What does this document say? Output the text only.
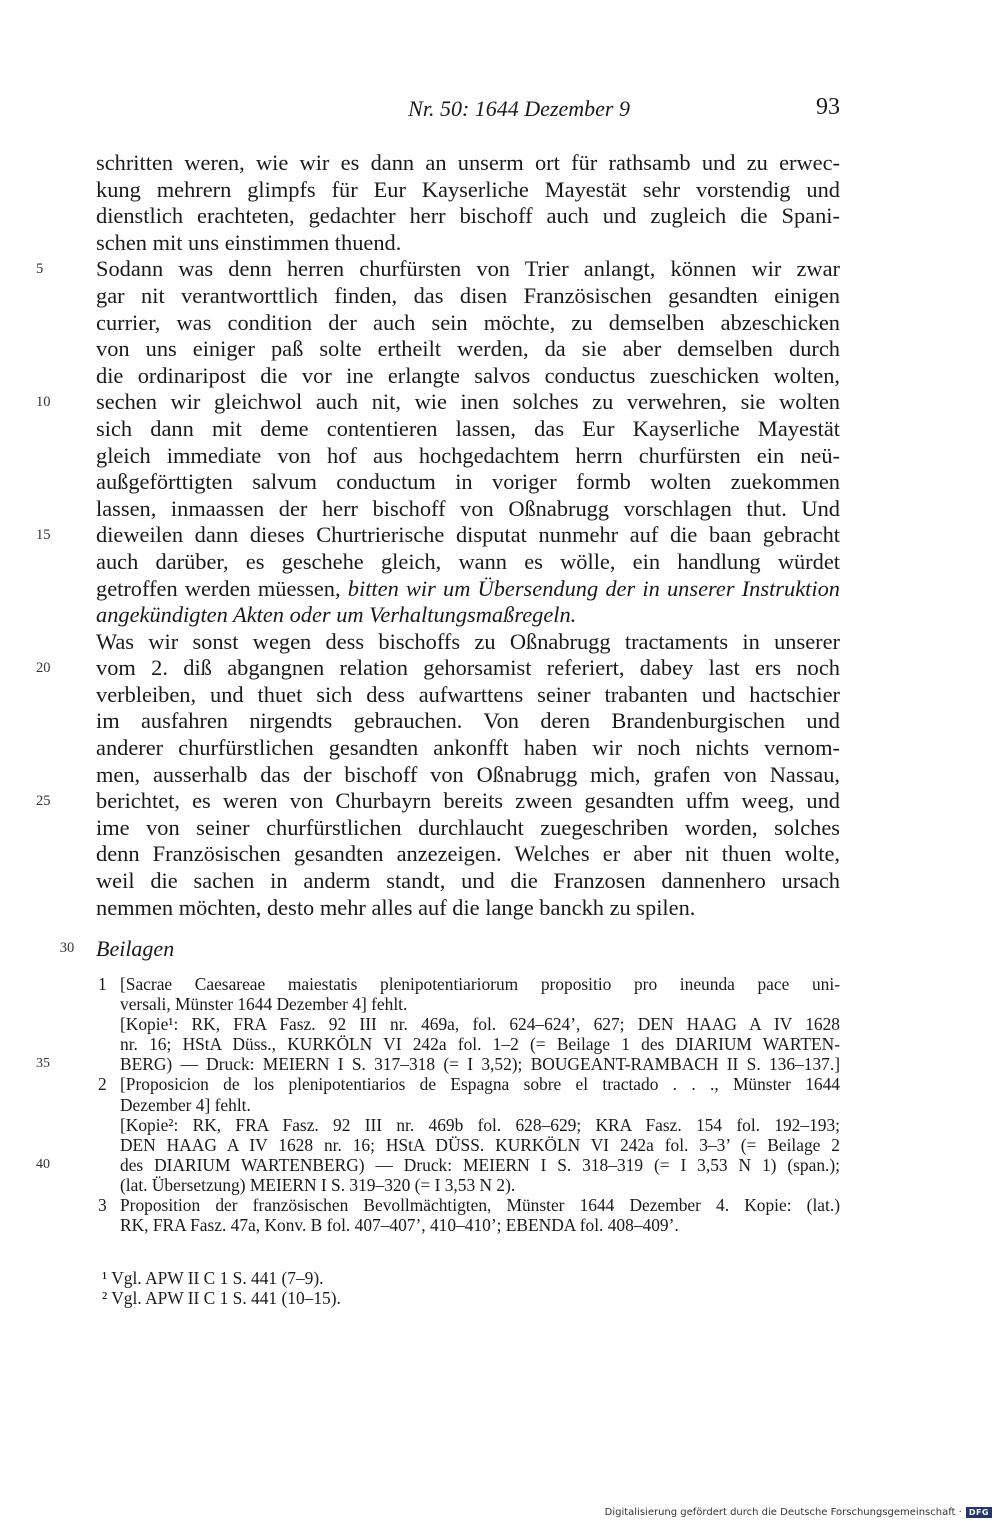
Nr. 50: 1644 Dezember 9	93
schritten weren, wie wir es dann an unserm ort für rathsamb und zu erwec-
kung mehrern glimpfs für Eur Kayserliche Mayestät sehr vorstendig und
dienstlich erachteten, gedachter herr bischoff auch und zugleich die Spani-
schen mit uns einstimmen thuend.
5	Sodann was denn herren churfürsten von Trier anlangt, können wir zwar
gar nit verantworttlich finden, das disen Französischen gesandten einigen
currier, was condition der auch sein möchte, zu demselben abzeschicken
von uns einiger paß solte ertheilt werden, da sie aber demselben durch
die ordinaripost die vor ine erlangte salvos conductus zueschicken wolten,
10	sechen wir gleichwol auch nit, wie inen solches zu verwehren, sie wolten
sich dann mit deme contentieren lassen, das Eur Kayserliche Mayestät
gleich immediate von hof aus hochgedachtem herrn churfürsten ein neü-
außgeförttigten salvum conductum in voriger formb wolten zuekommen
lassen, inmaassen der herr bischoff von Oßnabrugg vorschlagen thut. Und
15	dieweilen dann dieses Churtrierische disputat nunmehr auf die baan gebracht
auch darüber, es geschehe gleich, wann es wölle, ein handlung würdet
getroffen werden müessen, bitten wir um Übersendung der in unserer Instruktion
angekündigten Akten oder um Verhaltungsmaßregeln.
Was wir sonst wegen dess bischoffs zu Oßnabrugg tractaments in unserer
20	vom 2. diß abgangnen relation gehorsamist referiert, dabey last ers noch
verbleiben, und thuet sich dess aufwarttens seiner trabanten und hactschier
im ausfahren nirgendts gebrauchen. Von deren Brandenburgischen und
anderer churfürstlichen gesandten ankonfft haben wir noch nichts vernom-
men, ausserhalb das der bischoff von Oßnabrugg mich, grafen von Nassau,
25	berichtet, es weren von Churbayrn bereits zween gesandten uffm weeg, und
ime von seiner churfürstlichen durchlaucht zuegeschriben worden, solches
denn Französischen gesandten anzezeigen. Welches er aber nit thuen wolte,
weil die sachen in anderm standt, und die Franzosen dannenhero ursach
nemmen möchten, desto mehr alles auf die lange banckh zu spilen.
30 Beilagen
1 [Sacrae Caesareae maiestatis plenipotentiariorum propositio pro ineunda pace uni-
versali, Münster 1644 Dezember 4] fehlt.
[Kopie¹: RK, FRA Fasz. 92 III nr. 469a, fol. 624–624’, 627; DEN HAAG A IV 1628
nr. 16; HStA Düss., KURKÖLN VI 242a fol. 1–2 (= Beilage 1 des DIARIUM WARTEN-
35	BERG) — Druck: MEIERN I S. 317–318 (= I 3,52); BOUGEANT-RAMBACH II S. 136–137.]
2 [Proposicion de los plenipotentiarios de Espagna sobre el tractado . . ., Münster 1644
Dezember 4] fehlt.
[Kopie²: RK, FRA Fasz. 92 III nr. 469b fol. 628–629; KRA Fasz. 154 fol. 192–193;
DEN HAAG A IV 1628 nr. 16; HStA DÜSS. KURKÖLN VI 242a fol. 3–3’ (= Beilage 2
40	des DIARIUM WARTENBERG) — Druck: MEIERN I S. 318–319 (= I 3,53 N 1) (span.);
(lat. Übersetzung) MEIERN I S. 319–320 (= I 3,53 N 2).
3 Proposition der französischen Bevollmächtigten, Münster 1644 Dezember 4. Kopie: (lat.)
RK, FRA Fasz. 47a, Konv. B fol. 407–407’, 410–410’; EBENDA fol. 408–409’.
¹ Vgl. APW II C 1 S. 441 (7–9).
² Vgl. APW II C 1 S. 441 (10–15).
Digitalisierung gefördert durch die Deutsche Forschungsgemeinschaft · DFG
